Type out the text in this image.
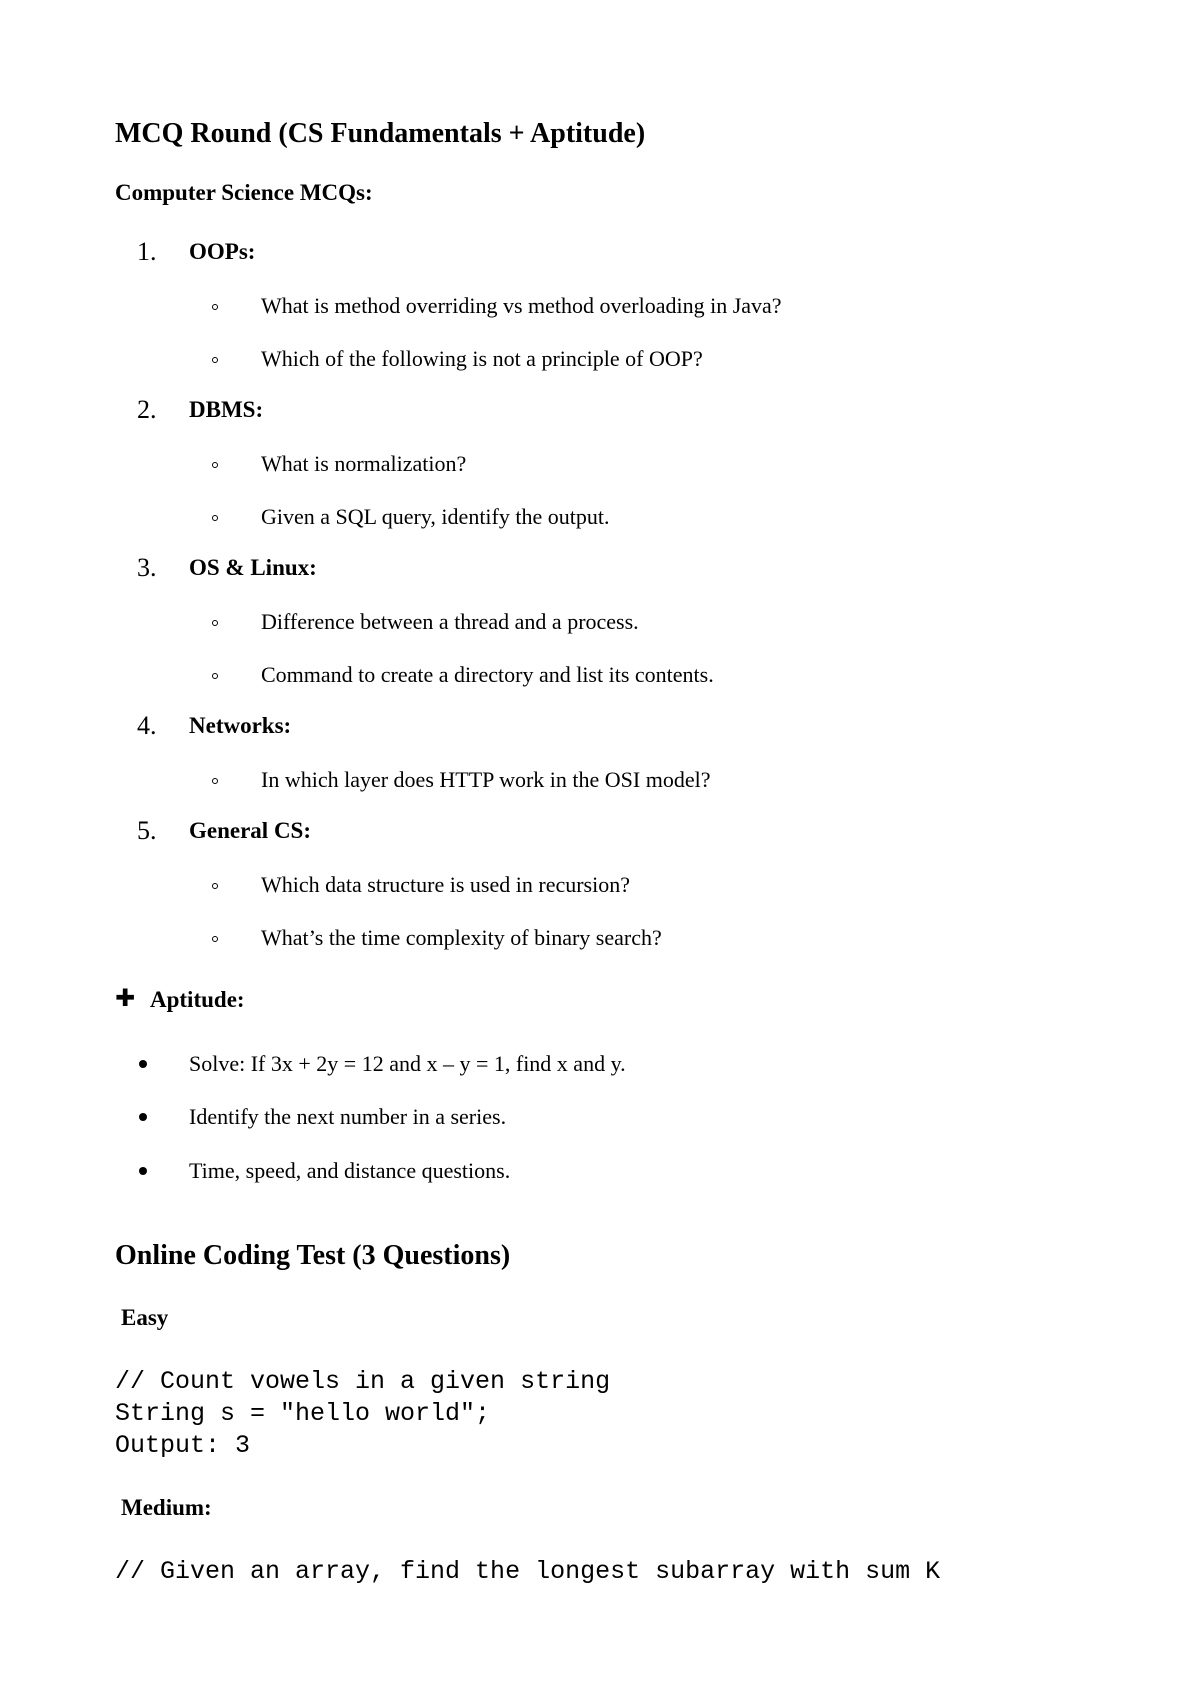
MCQ Round (CS Fundamentals + Aptitude)
Computer Science MCQs:
1. OOPs:
What is method overriding vs method overloading in Java?
Which of the following is not a principle of OOP?
2. DBMS:
What is normalization?
Given a SQL query, identify the output.
3. OS & Linux:
Difference between a thread and a process.
Command to create a directory and list its contents.
4. Networks:
In which layer does HTTP work in the OSI model?
5. General CS:
Which data structure is used in recursion?
What’s the time complexity of binary search?
✚ Aptitude:
Solve: If 3x + 2y = 12 and x – y = 1, find x and y.
Identify the next number in a series.
Time, speed, and distance questions.
Online Coding Test (3 Questions)
Easy
// Count vowels in a given string
String s = "hello world";
Output: 3
Medium:
// Given an array, find the longest subarray with sum K
